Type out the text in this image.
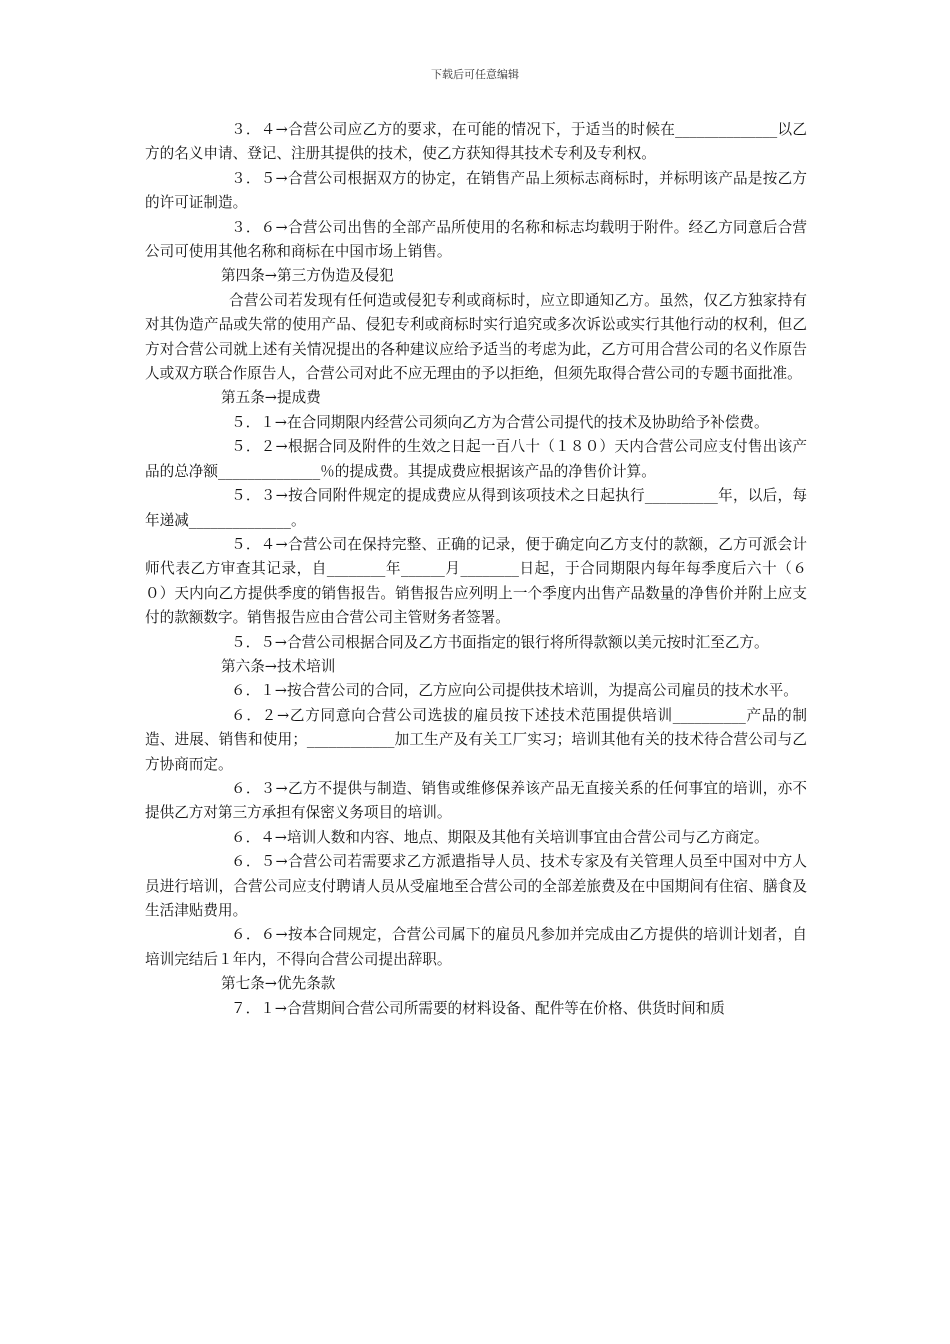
下载后可任意编辑

３．４→合营公司应乙方的要求，在可能的情况下，于适当的时候在______________以乙方的名义申请、登记、注册其提供的技术，使乙方获知得其技术专利及专利权。

３．５→合营公司根据双方的协定，在销售产品上须标志商标时，并标明该产品是按乙方的许可证制造。

３．６→合营公司出售的全部产品所使用的名称和标志均载明于附件。经乙方同意后合营公司可使用其他名称和商标在中国市场上销售。

第四条→第三方伪造及侵犯

合营公司若发现有任何造或侵犯专利或商标时，应立即通知乙方。虽然，仅乙方独家持有对其伪造产品或失常的使用产品、侵犯专利或商标时实行追究或多次诉讼或实行其他行动的权利，但乙方对合营公司就上述有关情况提出的各种建议应给予适当的考虑为此，乙方可用合营公司的名义作原告人或双方联合作原告人，合营公司对此不应无理由的予以拒绝，但须先取得合营公司的专题书面批准。

第五条→提成费

５．１→在合同期限内经营公司须向乙方为合营公司提代的技术及协助给予补偿费。

５．２→根据合同及附件的生效之日起一百八十（１８０）天内合营公司应支付售出该产品的总净额______________％的提成费。其提成费应根据该产品的净售价计算。

５．３→按合同附件规定的提成费应从得到该项技术之日起执行__________年，以后，每年递减______________。

５．４→合营公司在保持完整、正确的记录，便于确定向乙方支付的款额，乙方可派会计师代表乙方审查其记录，自________年______月________日起，于合同期限内每年每季度后六十（６０）天内向乙方提供季度的销售报告。销售报告应列明上一个季度内出售产品数量的净售价并附上应支付的款额数字。销售报告应由合营公司主管财务者签署。

５．５→合营公司根据合同及乙方书面指定的银行将所得款额以美元按时汇至乙方。

第六条→技术培训

６．１→按合营公司的合同，乙方应向公司提供技术培训，为提高公司雇员的技术水平。

６．２→乙方同意向合营公司选拔的雇员按下述技术范围提供培训__________产品的制造、进展、销售和使用；____________加工生产及有关工厂实习；培训其他有关的技术待合营公司与乙方协商而定。

６．３→乙方不提供与制造、销售或维修保养该产品无直接关系的任何事宜的培训，亦不提供乙方对第三方承担有保密义务项目的培训。

６．４→培训人数和内容、地点、期限及其他有关培训事宜由合营公司与乙方商定。

６．５→合营公司若需要求乙方派遣指导人员、技术专家及有关管理人员至中国对中方人员进行培训，合营公司应支付聘请人员从受雇地至合营公司的全部差旅费及在中国期间有住宿、膳食及生活津贴费用。

６．６→按本合同规定，合营公司属下的雇员凡参加并完成由乙方提供的培训计划者，自培训完结后１年内，不得向合营公司提出辞职。

第七条→优先条款

７．１→合营期间合营公司所需要的材料设备、配件等在价格、供货时间和质
